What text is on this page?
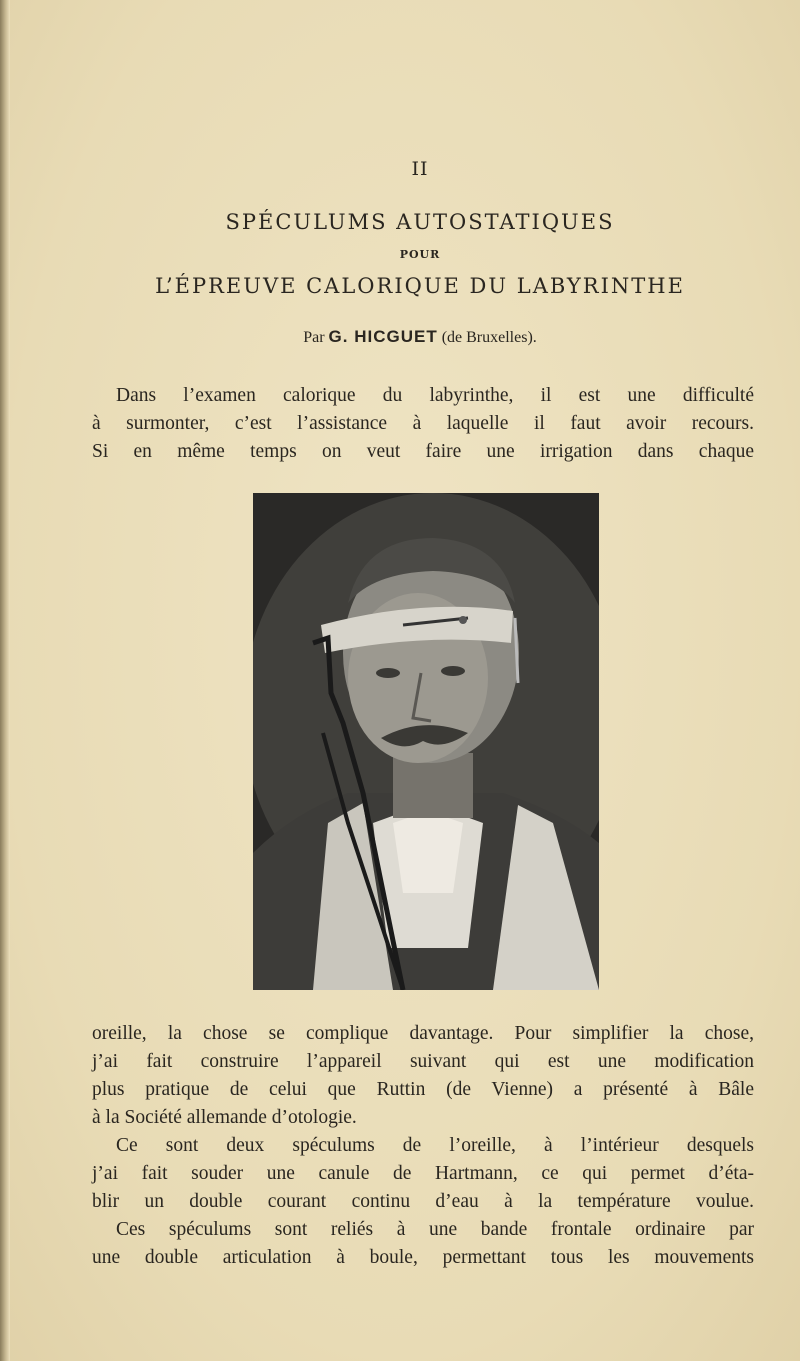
II
SPÉCULUMS AUTOSTATIQUES
POUR
L’ÉPREUVE CALORIQUE DU LABYRINTHE
Par G. HICGUET (de Bruxelles).
Dans l’examen calorique du labyrinthe, il est une difficulté
à surmonter, c’est l’assistance à laquelle il faut avoir recours.
Si en même temps on veut faire une irrigation dans chaque
oreille, la chose se complique davantage. Pour simplifier la chose,
j’ai fait construire l’appareil suivant qui est une modification
plus pratique de celui que Ruttin (de Vienne) a présenté à Bâle
à la Société allemande d’otologie.
Ce sont deux spéculums de l’oreille, à l’intérieur desquels
j’ai fait souder une canule de Hartmann, ce qui permet d’éta-
blir un double courant continu d’eau à la température voulue.
Ces spéculums sont reliés à une bande frontale ordinaire par
une double articulation à boule, permettant tous les mouvements
